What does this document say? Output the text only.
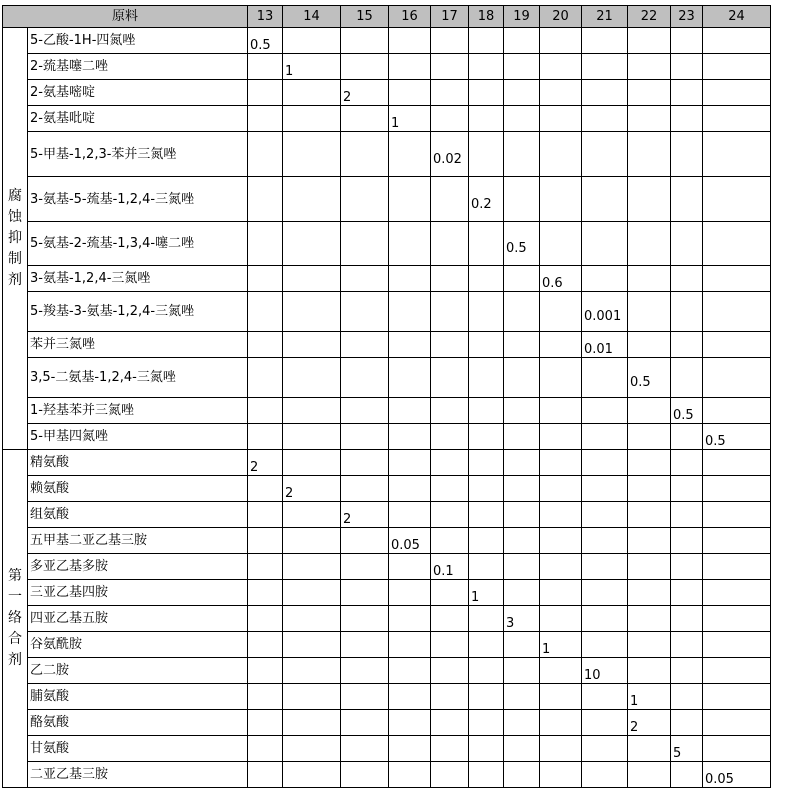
原料		13	14	15	16	17	18	19	20	21	22	23	24

腐蚀抑制剂	5-乙酸-1H-四氮唑	0.5											

	2-巯基噻二唑		1										

	2-氨基嘧啶			2									

	2-氨基吡啶				1								

	5-甲基-1,2,3-苯并三氮唑					0.02							

	3-氨基-5-巯基-1,2,4-三氮唑						0.2						

	5-氨基-2-巯基-1,3,4-噻二唑							0.5					

	3-氨基-1,2,4-三氮唑								0.6				

	5-羧基-3-氨基-1,2,4-三氮唑									0.001			

	苯并三氮唑									0.01			

	3,5-二氨基-1,2,4-三氮唑										0.5		

	1-羟基苯并三氮唑											0.5	

	5-甲基四氮唑												0.5

第一络合剂	精氨酸	2											

	赖氨酸		2										

	组氨酸			2									

	五甲基二亚乙基三胺				0.05								

	多亚乙基多胺					0.1							

	三亚乙基四胺						1						

	四亚乙基五胺							3					

	谷氨酰胺								1				

	乙二胺									10			

	脯氨酸										1		

	酪氨酸										2		

	甘氨酸											5	

	二亚乙基三胺												0.05
